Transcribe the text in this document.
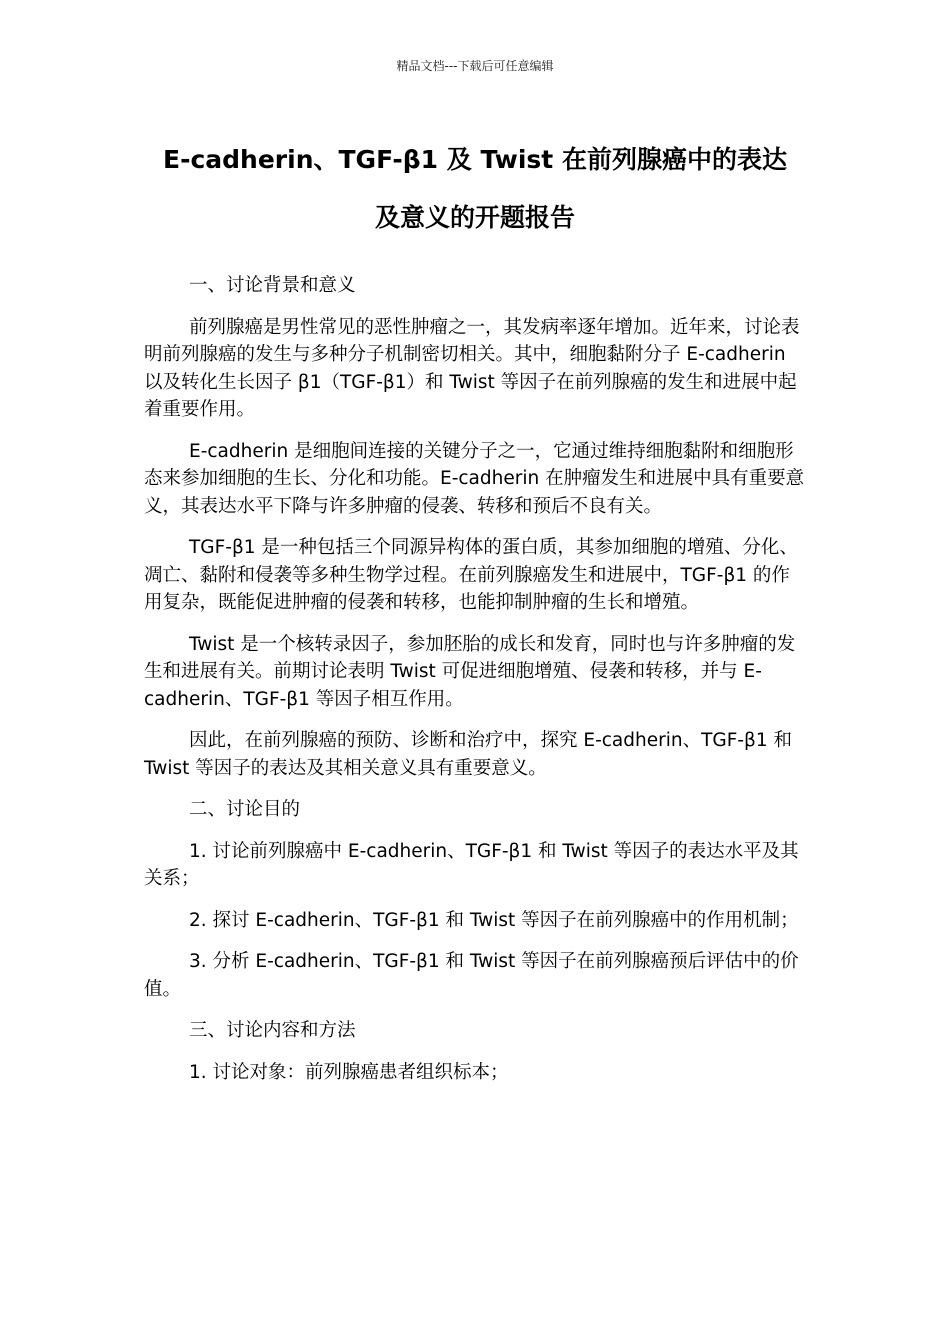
精品文档---下载后可任意编辑
E-cadherin、TGF-β1 及 Twist 在前列腺癌中的表达
及意义的开题报告

一、讨论背景和意义

前列腺癌是男性常见的恶性肿瘤之一，其发病率逐年增加。近年来，讨论表明前列腺癌的发生与多种分子机制密切相关。其中，细胞黏附分子 E-cadherin 以及转化生长因子 β1（TGF-β1）和 Twist 等因子在前列腺癌的发生和进展中起着重要作用。

E-cadherin 是细胞间连接的关键分子之一，它通过维持细胞黏附和细胞形态来参加细胞的生长、分化和功能。E-cadherin 在肿瘤发生和进展中具有重要意义，其表达水平下降与许多肿瘤的侵袭、转移和预后不良有关。

TGF-β1 是一种包括三个同源异构体的蛋白质，其参加细胞的增殖、分化、凋亡、黏附和侵袭等多种生物学过程。在前列腺癌发生和进展中，TGF-β1 的作用复杂，既能促进肿瘤的侵袭和转移，也能抑制肿瘤的生长和增殖。

Twist 是一个核转录因子，参加胚胎的成长和发育，同时也与许多肿瘤的发生和进展有关。前期讨论表明 Twist 可促进细胞增殖、侵袭和转移，并与 E-cadherin、TGF-β1 等因子相互作用。

因此，在前列腺癌的预防、诊断和治疗中，探究 E-cadherin、TGF-β1 和 Twist 等因子的表达及其相关意义具有重要意义。

二、讨论目的

1. 讨论前列腺癌中 E-cadherin、TGF-β1 和 Twist 等因子的表达水平及其关系；

2. 探讨 E-cadherin、TGF-β1 和 Twist 等因子在前列腺癌中的作用机制；

3. 分析 E-cadherin、TGF-β1 和 Twist 等因子在前列腺癌预后评估中的价值。

三、讨论内容和方法

1. 讨论对象：前列腺癌患者组织标本；
